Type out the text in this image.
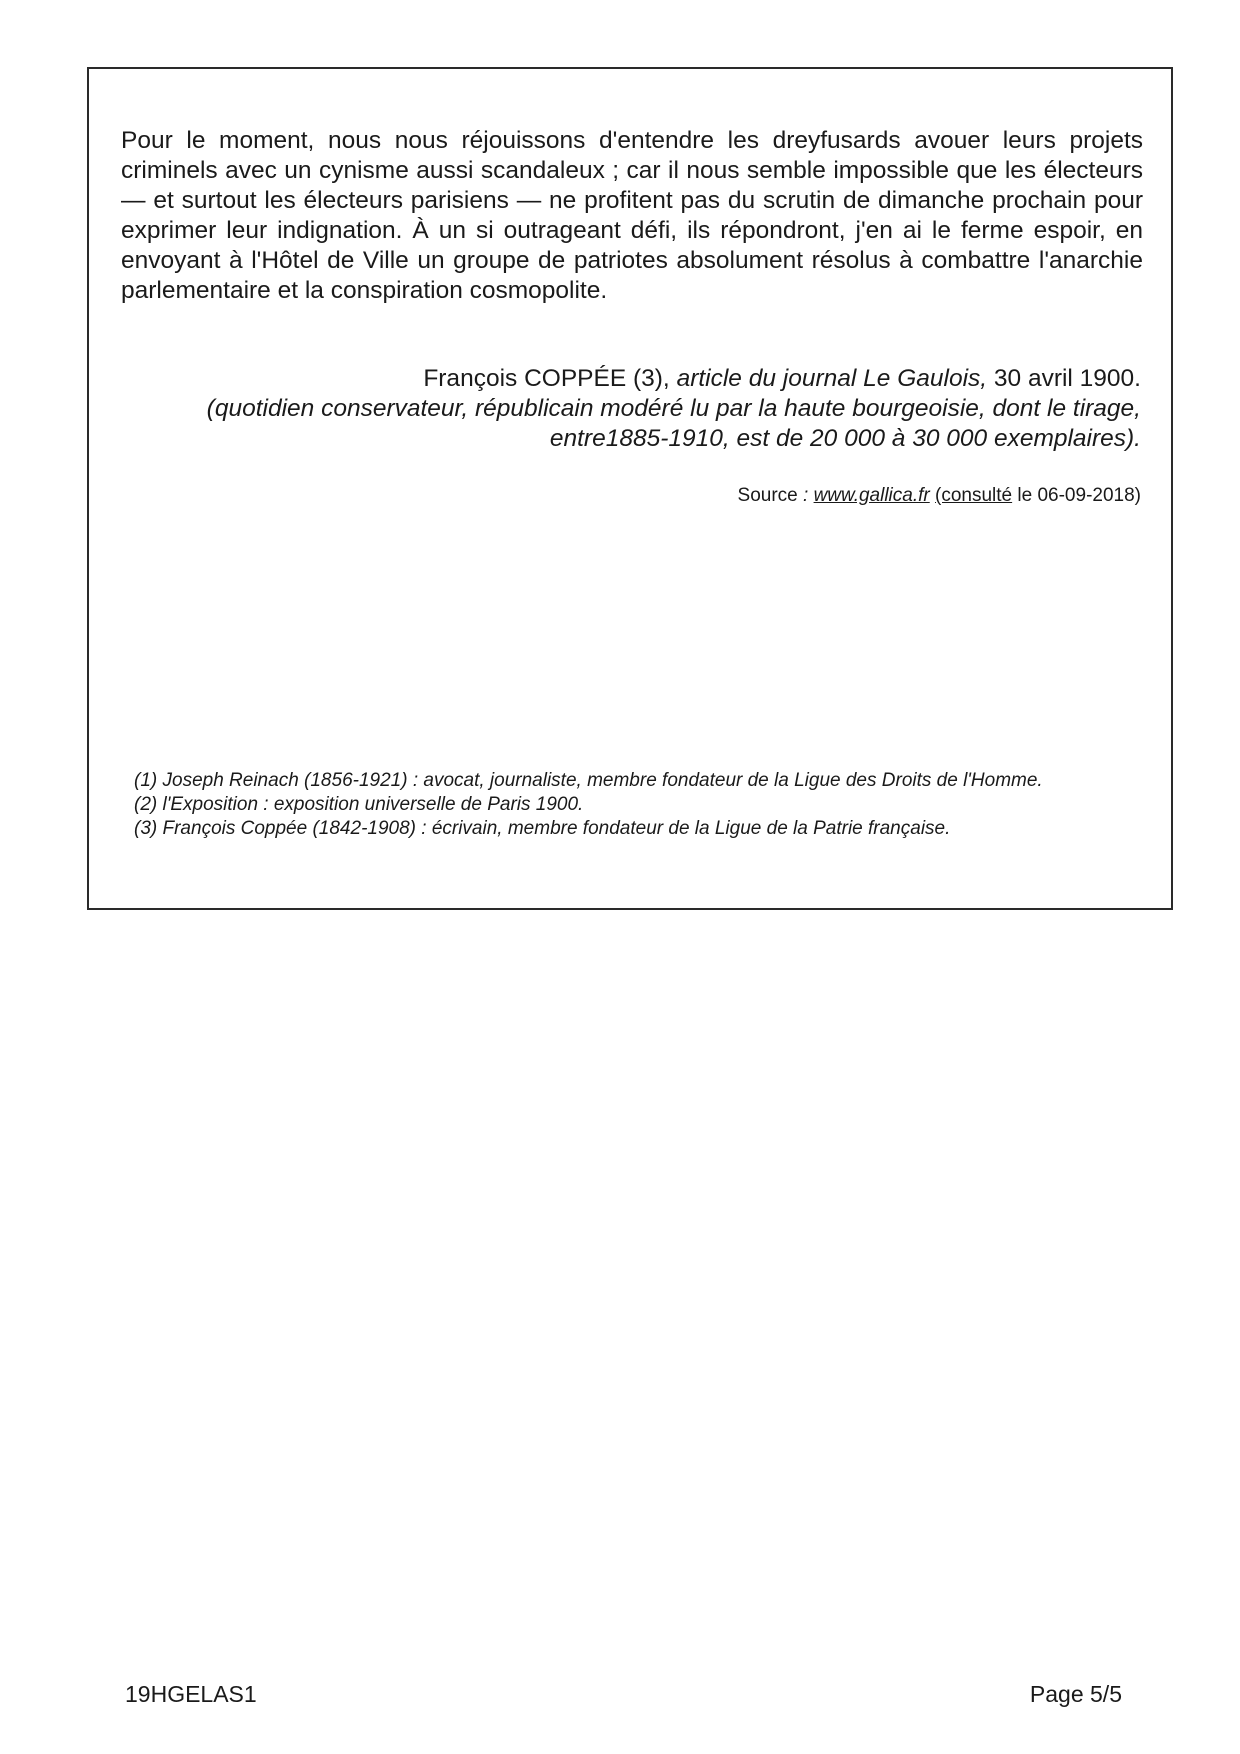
Pour le moment, nous nous réjouissons d'entendre les dreyfusards avouer leurs projets criminels avec un cynisme aussi scandaleux ; car il nous semble impossible que les électeurs — et surtout les électeurs parisiens — ne profitent pas du scrutin de dimanche prochain pour exprimer leur indignation. À un si outrageant défi, ils répondront, j'en ai le ferme espoir, en envoyant à l'Hôtel de Ville un groupe de patriotes absolument résolus à combattre l'anarchie parlementaire et la conspiration cosmopolite.

François COPPÉE (3), article du journal Le Gaulois, 30 avril 1900.
(quotidien conservateur, républicain modéré lu par la haute bourgeoisie, dont le tirage,
entre1885-1910, est de 20 000 à 30 000 exemplaires).

Source : www.gallica.fr (consulté le 06-09-2018)

(1) Joseph Reinach (1856-1921) : avocat, journaliste, membre fondateur de la Ligue des Droits de l'Homme.
(2) l'Exposition : exposition universelle de Paris 1900.
(3) François Coppée (1842-1908) : écrivain, membre fondateur de la Ligue de la Patrie française.

19HGELAS1	Page 5/5
